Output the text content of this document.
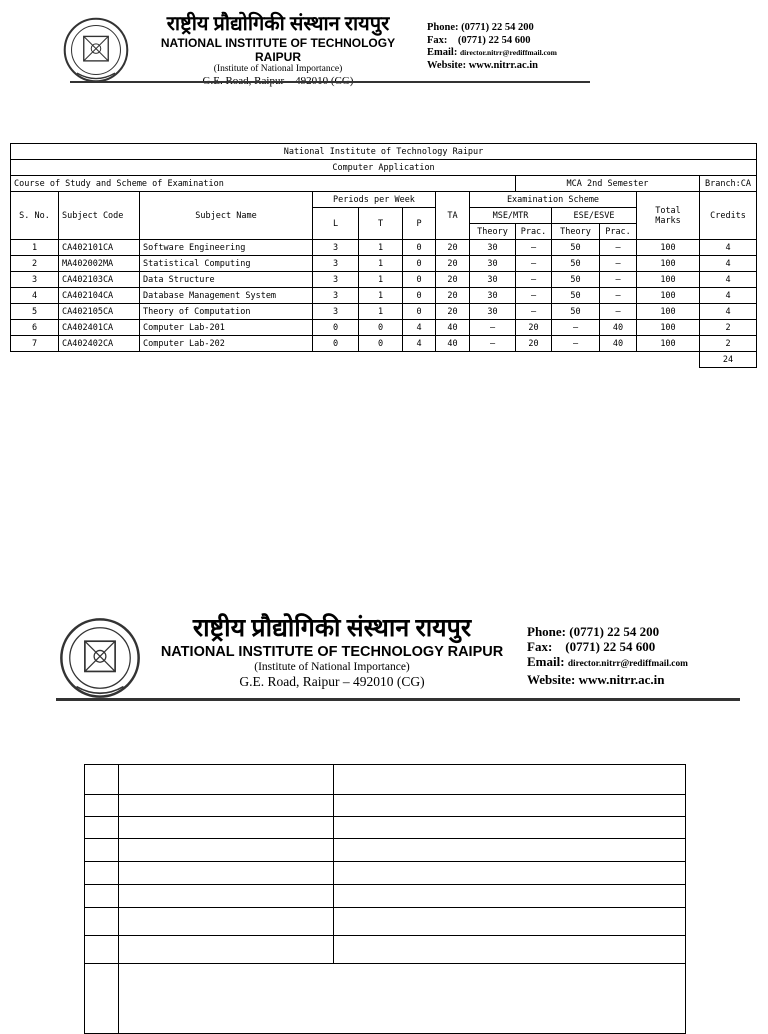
राष्ट्रीय प्रौद्योगिकी संस्थान रायपुर
NATIONAL INSTITUTE OF TECHNOLOGY RAIPUR
(Institute of National Importance)
Phone: (0771) 22 54 200
Fax: (0771) 22 54 600
Email: director.nitrr@rediffmail.com
Website: www.nitrr.ac.in
National Institute of Technology Raipur												
Computer Application												
Course of Study and Scheme of Examination								MCA 2nd Semester				Branch:CA
S. No.	Subject Code	Subject Name	Periods per Week			TA	Examination Scheme				Total Marks	Credits
			L	T	P		MSE/MTR		ESE/ESVE			
							Theory	Prac.	Theory	Prac.		
1	CA402101CA	Software Engineering	3	1	0	20	30	–	50	–	100	4
2	MA402002MA	Statistical Computing	3	1	0	20	30	–	50	–	100	4
3	CA402103CA	Data Structure	3	1	0	20	30	–	50	–	100	4
4	CA402104CA	Database Management System	3	1	0	20	30	–	50	–	100	4
5	CA402105CA	Theory of Computation	3	1	0	20	30	–	50	–	100	4
6	CA402401CA	Computer Lab-201	0	0	4	40	–	20	–	40	100	2
7	CA402402CA	Computer Lab-202	0	0	4	40	–	20	–	40	100	2
												24
राष्ट्रीय प्रौद्योगिकी संस्थान रायपुर
NATIONAL INSTITUTE OF TECHNOLOGY RAIPUR
(Institute of National Importance)
G.E. Road, Raipur – 492010 (CG)
Phone: (0771) 22 54 200
Fax: (0771) 22 54 600
Email: director.nitrr@rediffmail.com
Website: www.nitrr.ac.in
